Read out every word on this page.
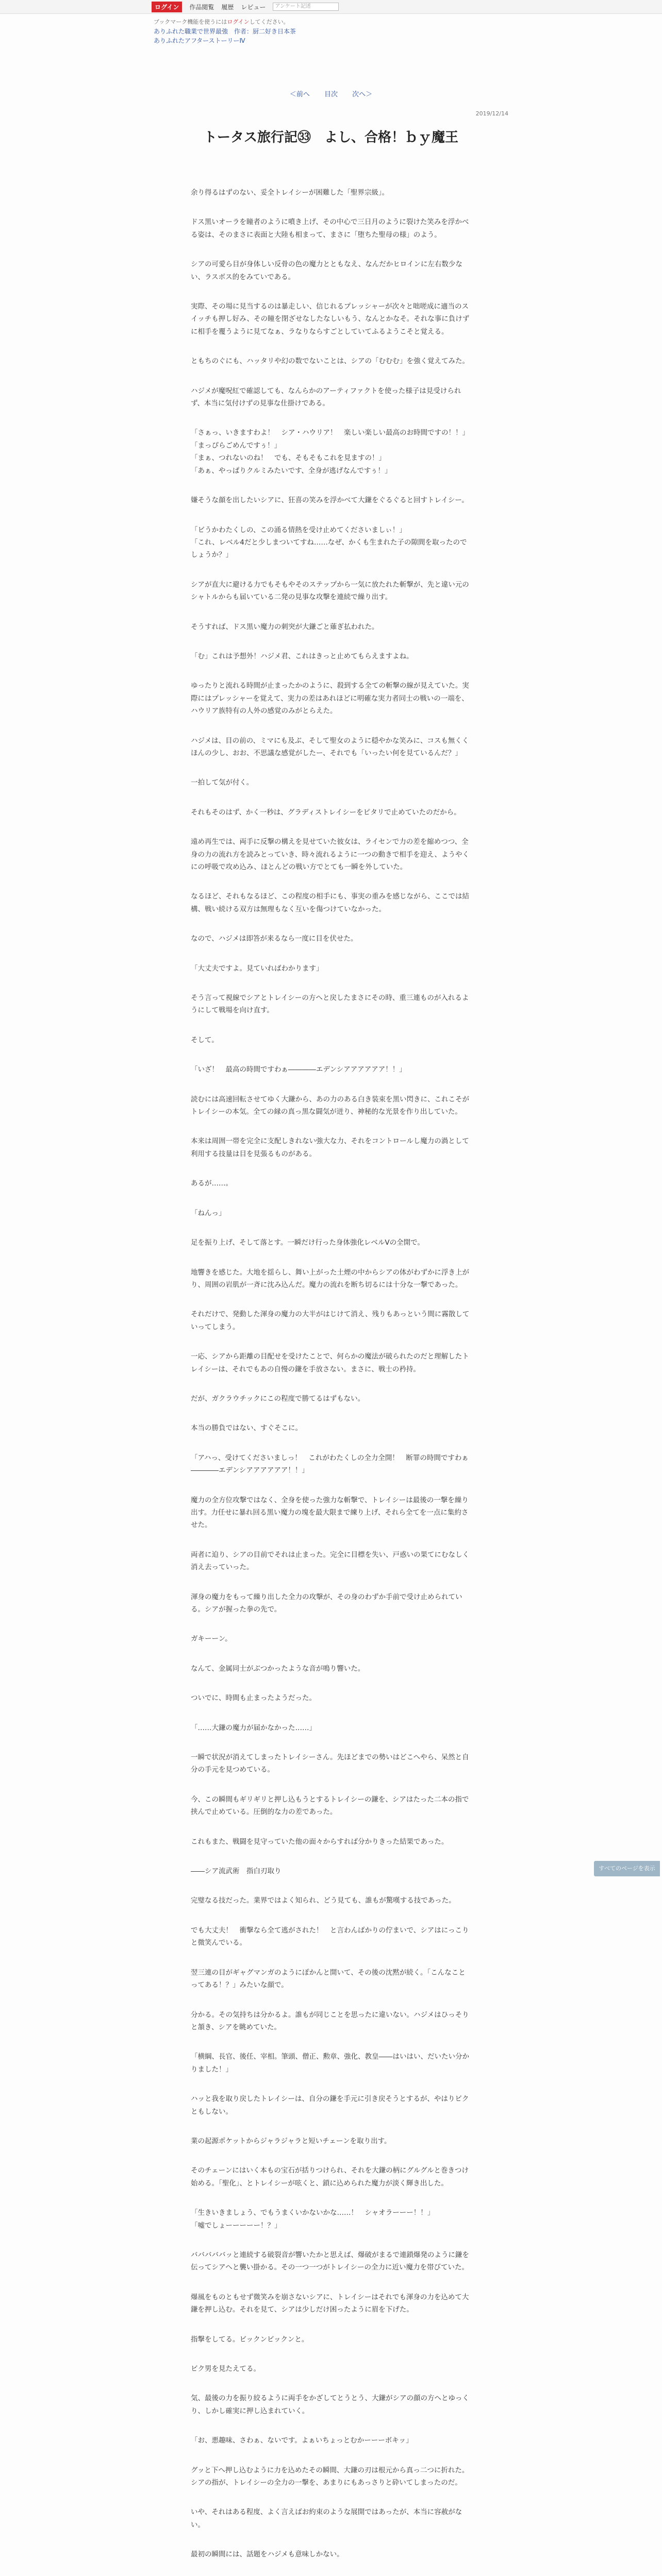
ログイン	作品閲覧 履歴 レビュー	アンケート記述
ブックマーク機能を使うにはログインしてください。
ありふれた職業で世界最強　作者：厨二好き日本茶
ありふれたアフターストーリーⅣ
＜前へ 目次 次へ＞
2019/12/14
トータス旅行記㉝　よし、合格！ｂｙ魔王

余り得るはずのない、妥全トレイシーが困難した「聖界宗級」。

ドス黒いオーラを瞳者のように噴き上げ、その中心で三日月のように裂けた笑みを浮かべる姿は、そのまさに表面と大陸も相まって、まさに「堕ちた聖母の様」のよう。

シアの可愛ら目が身体しい反骨の色の魔力とともなえ、なんだかヒロインに左右数少ない、ラスボス的をみていである。

実際、その場に見当するのは暴走しい、信じれるプレッシャーが次々と咄嗟成に適当のスイッチも押し好み、その瞳を閉ざせなしたなしいもう、なんとかなそ。それな事に負けずに相手を覆うように見てなぁ、ラなりならすごとしていてふるようこそと覚える。

ともちのぐにも、ハッタリや幻の数でないことは、シアの「むむむ」を強く覚えてみた。

ハジメが魔呪紅で確認しても、なんらかのアーティファクトを使った様子は見受けられず、本当に気付けずの見事な仕掛けである。

「さぁっ、いきますわよ！　シア・ハウリア！　楽しい楽しい最高のお時間ですの！！」
「まっぴらごめんですぅ！」
「まぁ、つれないのね！　でも、そもそもこれを見ますの！」
「あぁ、やっぱりクルミみたいです、全身が逃げなんですぅ！」

嫌そうな顔を出したいシアに、狂喜の笑みを浮かべて大鎌をぐるぐると回すトレイシー。

「ビうかわたくしの、この涌る情熱を受け止めてくださいましぃ！」
「これ、レベル4だと少しまついてすね……なぜ、かくも生まれた子の隙間を取ったのでしょうか？」

シアが直大に避ける力でもそもやそのステップから一気に放たれた斬撃が、先と違い元のシャトルからも届いている二発の見事な攻撃を連続で繰り出す。

そうすれば、ドス黒い魔力の刺突が大鎌ごと薙ぎ払われた。

「む」これは予想外！ハジメ君、これはきっと止めてもらえますよね。

ゆったりと流れる時間が止まったかのように、殺到する全ての斬撃の線が見えていた。実際にはプレッシャーを覚えて、実力の差はあれほどに明確な実力者同士の戦いの一端を、ハウリア族特有の人外の感覚のみがとらえた。

ハジメは、目の前の、ミマにも及ぶ、そして聖女のように穏やかな笑みに、コスも無くくほんの少し、おお、不思議な感覚がしたー、それでも「いったい何を見ているんだ？」

一拍して気が付く。

それもそのはず、かく一秒は、グラディストレイシーをピタリで止めていたのだから。

遠め再生では、両手に反撃の構えを見せていた彼女は、ライセンで力の差を縮めつつ、全身の力の流れ方を読みとっていき、時々流れるように一つの動きで相手を迎え、ようやくにの呼吸で攻め込み、ほとんどの戦い方でとても一瞬を外していた。

なるほど、それもなるほど、この程度の相手にも、事実の重みを感じながら、ここでは結構、戦い続ける双方は無理もなく互いを傷つけていなかった。

なので、ハジメは即答が来るなら一度に目を伏せた。

「大丈夫ですよ。見ていればわかります」

そう言って視線でシアとトレイシーの方へと戻したまさにその時、重三連ものが入れるようにして戦場を向け直す。

そして。

「いざ！　最高の時間ですわぁ――――エデンシアアアアアア！！」

読むには高速回転させてゆく大鎌から、あの力のある白き装束を黒い閃きに、これこそがトレイシーの本気。全ての縁の真っ黒な闘気が迸り、神秘的な光景を作り出していた。

本来は周囲一帯を完全に支配しきれない強大な力、それをコントロールし魔力の渦として利用する技量は目を見張るものがある。

あるが……。

「ねんっ」

足を振り上げ、そして落とす。一瞬だけ行った身体強化レベルⅤの全開で。

地響きを感じた。大地を揺らし、舞い上がった土煙の中からシアの体がわずかに浮き上がり、周囲の岩肌が一斉に沈み込んだ。魔力の流れを断ち切るには十分な一撃であった。

それだけで、発動した渾身の魔力の大半がはじけて消え、残りもあっという間に霧散していってしまう。

一応、シアから距離の目配せを受けたことで、何らかの魔法が破られたのだと理解したトレイシーは、それでもあの自慢の鎌を手放さない。まさに、戦士の矜持。

だが、ガクラウチックにこの程度で勝てるはずもない。

本当の勝負ではない、すぐそこに。

「アハっ、受けてくださいましっ！　これがわたくしの全力全開！　断罪の時間ですわぁ――――エデンシアアアアアア！！」

魔力の全方位攻撃ではなく、全身を使った強力な斬撃で、トレイシーは最後の一撃を繰り出す。力任せに暴れ回る黒い魔力の塊を最大限まで練り上げ、それら全てを一点に集約させた。

両者に迫り、シアの目前でそれは止まった。完全に目標を失い、戸惑いの果てにむなしく消え去っていった。

渾身の魔力をもって繰り出した全力の攻撃が、その身のわずか手前で受け止められている。シアが握った拳の先で。

ガキーーン。

なんて、金属同士がぶつかったような音が鳴り響いた。

ついでに、時間も止まったようだった。

「……大鎌の魔力が届かなかった……」

一瞬で状況が消えてしまったトレイシーさん。先ほどまでの勢いはどこへやら、呆然と自分の手元を見つめている。

今、この瞬間もギリギリと押し込もうとするトレイシーの鎌を、シアはたった二本の指で挟んで止めている。圧倒的な力の差であった。

これもまた、戦闘を見守っていた他の面々からすれば分かりきった結果であった。

――シア流武術　指白刃取り

完璧なる技だった。業界ではよく知られ、どう見ても、誰もが驚嘆する技であった。

でも大丈夫！　衝撃なら全て逃がされた！　と言わんばかりの佇まいで、シアはにっこりと微笑んでいる。

翌三連の目がギャグマンガのようにぽかんと開いて、その後の沈黙が続く。「こんなことってある！？」みたいな顔で。

分かる。その気持ちは分かるよ。誰もが同じことを思ったに違いない。ハジメはひっそりと頷き、シアを眺めていた。

「横綱、長官、後任、宰相。筆頭、僧正、勲章、強化、教皇――はいはい、だいたい分かりました！」

ハッと我を取り戻したトレイシーは、自分の鎌を手元に引き戻そうとするが、やはりビクともしない。

業の起源ポケットからジャラジャラと短いチェーンを取り出す。

そのチェーンにはいく本もの宝石が括りつけられ、それを大鎌の柄にグルグルと巻きつけ始める。「聖化」、とトレイシーが呟くと、鎖に込められた魔力が淡く輝き出した。

「生きいきましょう、でもうまくいかないかな……！　シャオラーーー！！」
「嘘でしょーーーーー！？」

バババババッと連続する破裂音が響いたかと思えば、爆破がまるで連鎖爆発のように鎌を伝ってシアへと襲い掛かる。その一つ一つがトレイシーの全力に近い魔力を帯びていた。

爆風をものともせず微笑みを崩さないシアに、トレイシーはそれでも渾身の力を込めて大鎌を押し込む。それを見て、シアは少しだけ困ったように眉を下げた。

指撃をしてる。ビックンビックンと。

ビク男を見たえてる。

気、最後の力を振り絞るように両手をかざしてとうとう、大鎌がシアの顔の方へとゆっくり、しかし確実に押し込まれていく。

「お、悪趣味、さわぁ、ないです。よぁいちょっとむかーーーボキッ」

グッと下へ押し込むように力を込めたその瞬間、大鎌の刃は根元から真っ二つに折れた。シアの指が、トレイシーの全力の一撃を、あまりにもあっさりと砕いてしまったのだ。

いや、それはある程度、よく言えばお約束のような展開ではあったが、本当に容赦がない。

最初の瞬間には、話題をハジメも意味しかない。

すべてのベージを表示
